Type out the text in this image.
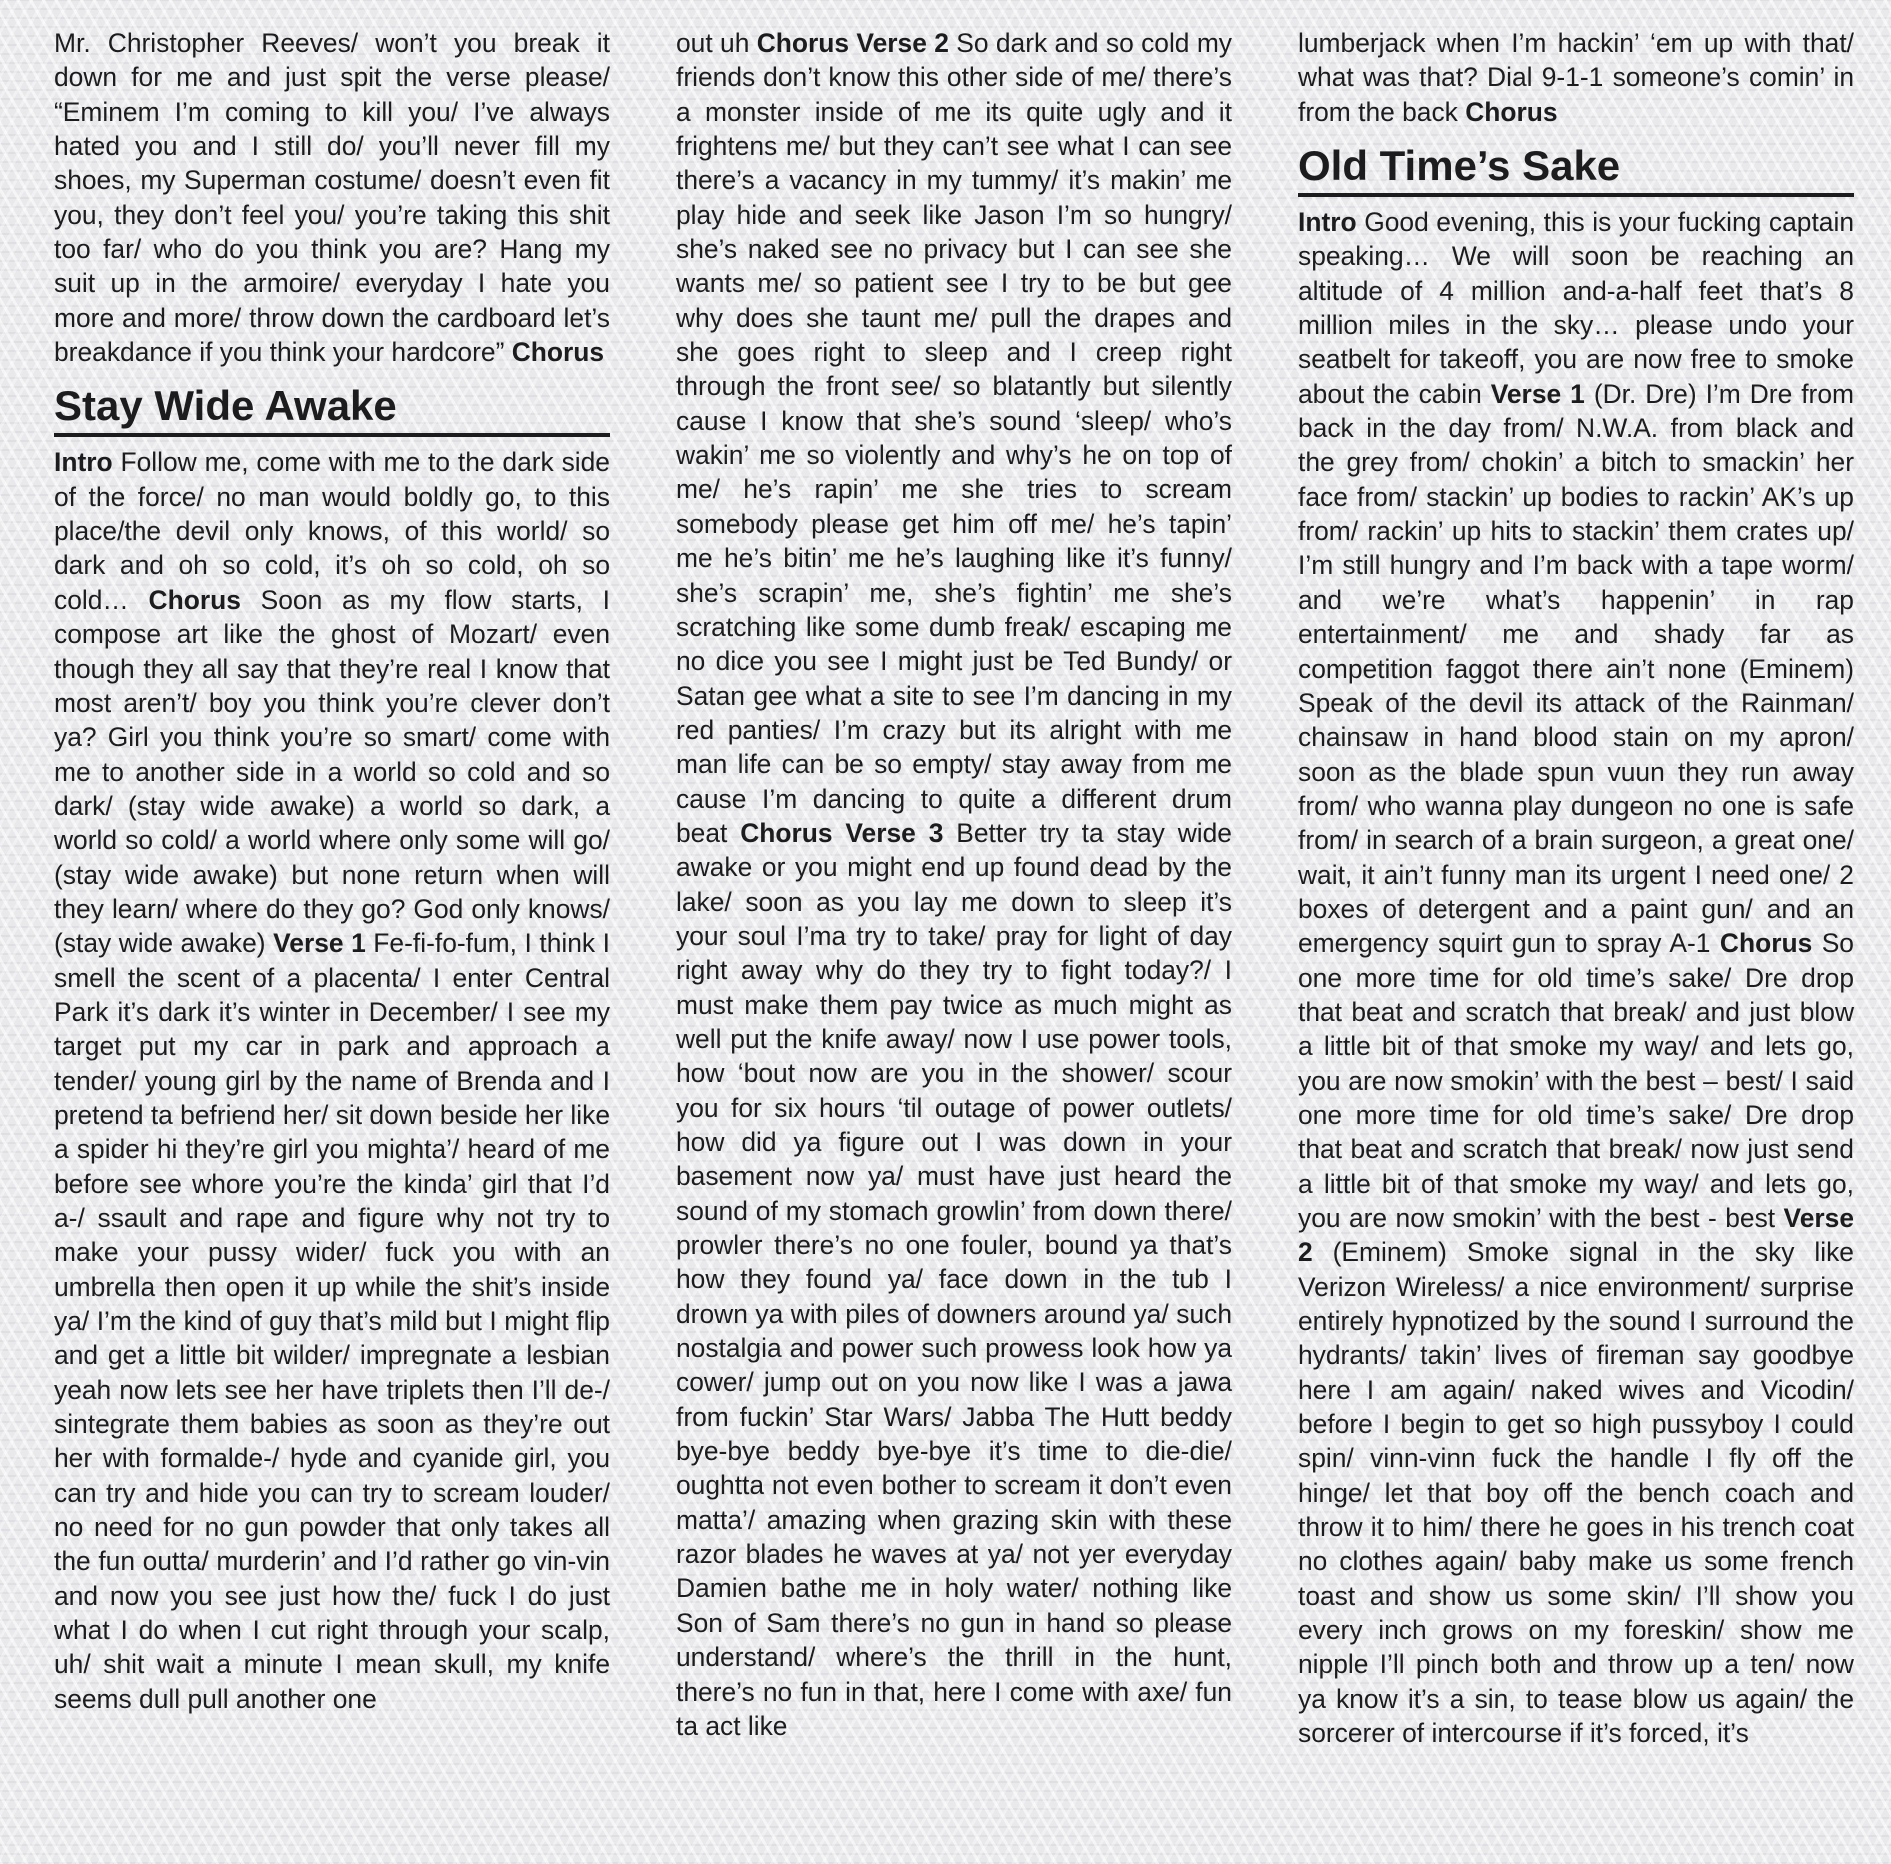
Mr. Christopher Reeves/ won’t you break it down for me and just spit the verse please/ “Eminem I’m coming to kill you/ I’ve always hated you and I still do/ you’ll never fill my shoes, my Superman costume/ doesn’t even fit you, they don’t feel you/ you’re taking this shit too far/ who do you think you are? Hang my suit up in the armoire/ everyday I hate you more and more/ throw down the cardboard let’s breakdance if you think your hardcore” Chorus

Stay Wide Awake

Intro Follow me, come with me to the dark side of the force/ no man would boldly go, to this place/the devil only knows, of this world/ so dark and oh so cold, it’s oh so cold, oh so cold… Chorus Soon as my flow starts, I compose art like the ghost of Mozart/ even though they all say that they’re real I know that most aren’t/ boy you think you’re clever don’t ya? Girl you think you’re so smart/ come with me to another side in a world so cold and so dark/ (stay wide awake) a world so dark, a world so cold/ a world where only some will go/ (stay wide awake) but none return when will they learn/ where do they go? God only knows/ (stay wide awake) Verse 1 Fe-fi-fo-fum, I think I smell the scent of a placenta/ I enter Central Park it’s dark it’s winter in December/ I see my target put my car in park and approach a tender/ young girl by the name of Brenda and I pretend ta befriend her/ sit down beside her like a spider hi they’re girl you mighta’/ heard of me before see whore you’re the kinda’ girl that I’d a-/ ssault and rape and figure why not try to make your pussy wider/ fuck you with an umbrella then open it up while the shit’s inside ya/ I’m the kind of guy that’s mild but I might flip and get a little bit wilder/ impregnate a lesbian yeah now lets see her have triplets then I’ll de-/ sintegrate them babies as soon as they’re out her with formalde-/ hyde and cyanide girl, you can try and hide you can try to scream louder/ no need for no gun powder that only takes all the fun outta/ murderin’ and I’d rather go vin-vin and now you see just how the/ fuck I do just what I do when I cut right through your scalp, uh/ shit wait a minute I mean skull, my knife seems dull pull another one

out uh Chorus Verse 2 So dark and so cold my friends don’t know this other side of me/ there’s a monster inside of me its quite ugly and it frightens me/ but they can’t see what I can see there’s a vacancy in my tummy/ it’s makin’ me play hide and seek like Jason I’m so hungry/ she’s naked see no privacy but I can see she wants me/ so patient see I try to be but gee why does she taunt me/ pull the drapes and she goes right to sleep and I creep right through the front see/ so blatantly but silently cause I know that she’s sound ‘sleep/ who’s wakin’ me so violently and why’s he on top of me/ he’s rapin’ me she tries to scream somebody please get him off me/ he’s tapin’ me he’s bitin’ me he’s laughing like it’s funny/ she’s scrapin’ me, she’s fightin’ me she’s scratching like some dumb freak/ escaping me no dice you see I might just be Ted Bundy/ or Satan gee what a site to see I’m dancing in my red panties/ I’m crazy but its alright with me man life can be so empty/ stay away from me cause I’m dancing to quite a different drum beat Chorus Verse 3 Better try ta stay wide awake or you might end up found dead by the lake/ soon as you lay me down to sleep it’s your soul I’ma try to take/ pray for light of day right away why do they try to fight today?/ I must make them pay twice as much might as well put the knife away/ now I use power tools, how ‘bout now are you in the shower/ scour you for six hours ‘til outage of power outlets/ how did ya figure out I was down in your basement now ya/ must have just heard the sound of my stomach growlin’ from down there/ prowler there’s no one fouler, bound ya that’s how they found ya/ face down in the tub I drown ya with piles of downers around ya/ such nostalgia and power such prowess look how ya cower/ jump out on you now like I was a jawa from fuckin’ Star Wars/ Jabba The Hutt beddy bye-bye beddy bye-bye it’s time to die-die/ oughtta not even bother to scream it don’t even matta’/ amazing when grazing skin with these razor blades he waves at ya/ not yer everyday Damien bathe me in holy water/ nothing like Son of Sam there’s no gun in hand so please understand/ where’s the thrill in the hunt, there’s no fun in that, here I come with axe/ fun ta act like

lumberjack when I’m hackin’ ‘em up with that/ what was that? Dial 9-1-1 someone’s comin’ in from the back Chorus

Old Time’s Sake

Intro Good evening, this is your fucking captain speaking… We will soon be reaching an altitude of 4 million and-a-half feet that’s 8 million miles in the sky… please undo your seatbelt for takeoff, you are now free to smoke about the cabin Verse 1 (Dr. Dre) I’m Dre from back in the day from/ N.W.A. from black and the grey from/ chokin’ a bitch to smackin’ her face from/ stackin’ up bodies to rackin’ AK’s up from/ rackin’ up hits to stackin’ them crates up/ I’m still hungry and I’m back with a tape worm/ and we’re what’s happenin’ in rap entertainment/ me and shady far as competition faggot there ain’t none (Eminem) Speak of the devil its attack of the Rainman/ chainsaw in hand blood stain on my apron/ soon as the blade spun vuun they run away from/ who wanna play dungeon no one is safe from/ in search of a brain surgeon, a great one/ wait, it ain’t funny man its urgent I need one/ 2 boxes of detergent and a paint gun/ and an emergency squirt gun to spray A-1 Chorus So one more time for old time’s sake/ Dre drop that beat and scratch that break/ and just blow a little bit of that smoke my way/ and lets go, you are now smokin’ with the best – best/ I said one more time for old time’s sake/ Dre drop that beat and scratch that break/ now just send a little bit of that smoke my way/ and lets go, you are now smokin’ with the best - best Verse 2 (Eminem) Smoke signal in the sky like Verizon Wireless/ a nice environment/ surprise entirely hypnotized by the sound I surround the hydrants/ takin’ lives of fireman say goodbye here I am again/ naked wives and Vicodin/ before I begin to get so high pussyboy I could spin/ vinn-vinn fuck the handle I fly off the hinge/ let that boy off the bench coach and throw it to him/ there he goes in his trench coat no clothes again/ baby make us some french toast and show us some skin/ I’ll show you every inch grows on my foreskin/ show me nipple I’ll pinch both and throw up a ten/ now ya know it’s a sin, to tease blow us again/ the sorcerer of intercourse if it’s forced, it’s
